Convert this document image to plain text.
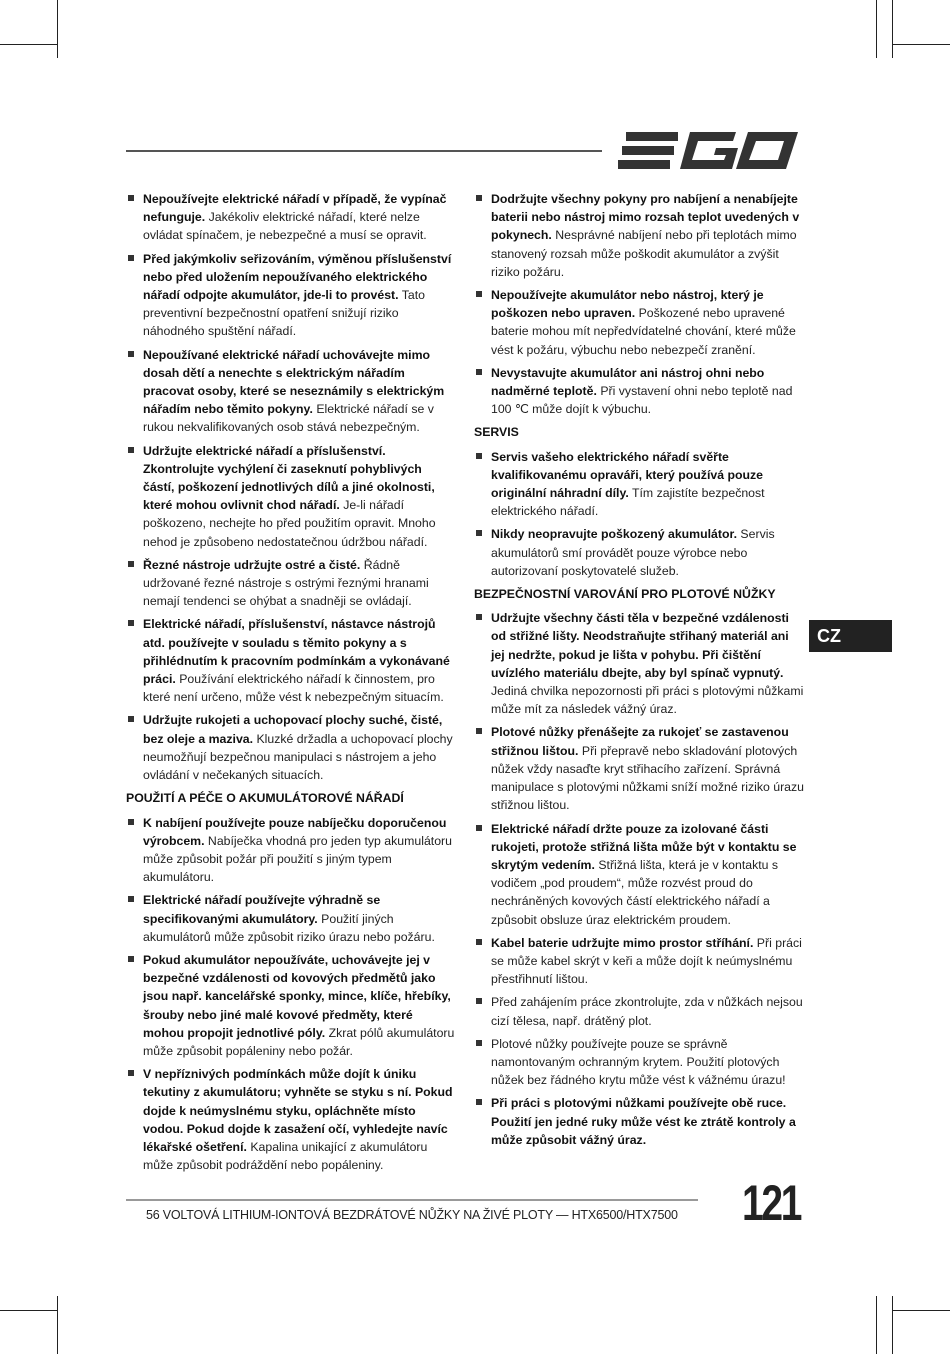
Nepoužívejte elektrické nářadí v případě, že vypínač nefunguje. Jakékoliv elektrické nářadí, které nelze ovládat spínačem, je nebezpečné a musí se opravit.
Před jakýmkoliv seřizováním, výměnou příslušenství nebo před uložením nepoužívaného elektrického nářadí odpojte akumulátor, jde-li to provést. Tato preventivní bezpečnostní opatření snižují riziko náhodného spuštění nářadí.
Nepoužívané elektrické nářadí uchovávejte mimo dosah dětí a nenechte s elektrickým nářadím pracovat osoby, které se neseznámily s elektrickým nářadím nebo těmito pokyny. Elektrické nářadí se v rukou nekvalifikovaných osob stává nebezpečným.
Udržujte elektrické nářadí a příslušenství. Zkontrolujte vychýlení či zaseknutí pohyblivých částí, poškození jednotlivých dílů a jiné okolnosti, které mohou ovlivnit chod nářadí. Je-li nářadí poškozeno, nechejte ho před použitím opravit. Mnoho nehod je způsobeno nedostatečnou údržbou nářadí.
Řezné nástroje udržujte ostré a čisté. Řádně udržované řezné nástroje s ostrými řeznými hranami nemají tendenci se ohýbat a snadněji se ovládají.
Elektrické nářadí, příslušenství, nástavce nástrojů atd. používejte v souladu s těmito pokyny a s přihlédnutím k pracovním podmínkám a vykonávané práci. Používání elektrického nářadí k činnostem, pro které není určeno, může vést k nebezpečným situacím.
Udržujte rukojeti a uchopovací plochy suché, čisté, bez oleje a maziva. Kluzké držadla a uchopovací plochy neumožňují bezpečnou manipulaci s nástrojem a jeho ovládání v nečekaných situacích.
POUŽITÍ A PÉČE O AKUMULÁTOROVÉ NÁŘADÍ
K nabíjení používejte pouze nabíječku doporučenou výrobcem. Nabíječka vhodná pro jeden typ akumulátoru může způsobit požár při použití s jiným typem akumulátoru.
Elektrické nářadí používejte výhradně se specifikovanými akumulátory. Použití jiných akumulátorů může způsobit riziko úrazu nebo požáru.
Pokud akumulátor nepoužíváte, uchovávejte jej v bezpečné vzdálenosti od kovových předmětů jako jsou např. kancelářské sponky, mince, klíče, hřebíky, šrouby nebo jiné malé kovové předměty, které mohou propojit jednotlivé póly. Zkrat pólů akumulátoru může způsobit popáleniny nebo požár.
V nepříznivých podmínkách může dojít k úniku tekutiny z akumulátoru; vyhněte se styku s ní. Pokud dojde k neúmyslnému styku, opláchněte místo vodou. Pokud dojde k zasažení očí, vyhledejte navíc lékařské ošetření. Kapalina unikající z akumulátoru může způsobit podráždění nebo popáleniny.
Dodržujte všechny pokyny pro nabíjení a nenabíjejte baterii nebo nástroj mimo rozsah teplot uvedených v pokynech. Nesprávné nabíjení nebo při teplotách mimo stanovený rozsah může poškodit akumulátor a zvýšit riziko požáru.
Nepoužívejte akumulátor nebo nástroj, který je poškozen nebo upraven. Poškozené nebo upravené baterie mohou mít nepředvídatelné chování, které může vést k požáru, výbuchu nebo nebezpečí zranění.
Nevystavujte akumulátor ani nástroj ohni nebo nadměrné teplotě. Při vystavení ohni nebo teplotě nad 100 ℃ může dojít k výbuchu.
SERVIS
Servis vašeho elektrického nářadí svěřte kvalifikovanému opraváři, který používá pouze originální náhradní díly. Tím zajistíte bezpečnost elektrického nářadí.
Nikdy neopravujte poškozený akumulátor. Servis akumulátorů smí provádět pouze výrobce nebo autorizovaní poskytovatelé služeb.
BEZPEČNOSTNÍ VAROVÁNÍ PRO PLOTOVÉ NŮŽKY
Udržujte všechny části těla v bezpečné vzdálenosti od střižné lišty. Neodstraňujte střihaný materiál ani jej nedržte, pokud je lišta v pohybu. Při čištění uvízlého materiálu dbejte, aby byl spínač vypnutý. Jediná chvilka nepozornosti při práci s plotovými nůžkami může mít za následek vážný úraz.
Plotové nůžky přenášejte za rukojeť se zastavenou střižnou lištou. Při přepravě nebo skladování plotových nůžek vždy nasaďte kryt střihacího zařízení. Správná manipulace s plotovými nůžkami sníží možné riziko úrazu střižnou lištou.
Elektrické nářadí držte pouze za izolované části rukojeti, protože střižná lišta může být v kontaktu se skrytým vedením. Střižná lišta, která je v kontaktu s vodičem „pod proudem“, může rozvést proud do nechráněných kovových částí elektrického nářadí a způsobit obsluze úraz elektrickém proudem.
Kabel baterie udržujte mimo prostor stříhání. Při práci se může kabel skrýt v keři a může dojít k neúmyslnému přestřihnutí lištou.
Před zahájením práce zkontrolujte, zda v nůžkách nejsou cizí tělesa, např. drátěný plot.
Plotové nůžky používejte pouze se správně namontovaným ochranným krytem. Použití plotových nůžek bez řádného krytu může vést k vážnému úrazu!
Při práci s plotovými nůžkami používejte obě ruce. Použití jen jedné ruky může vést ke ztrátě kontroly a může způsobit vážný úraz.
CZ
56 VOLTOVÁ LITHIUM-IONTOVÁ BEZDRÁTOVÉ NŮŽKY NA ŽIVÉ PLOTY — HTX6500/HTX7500 121
